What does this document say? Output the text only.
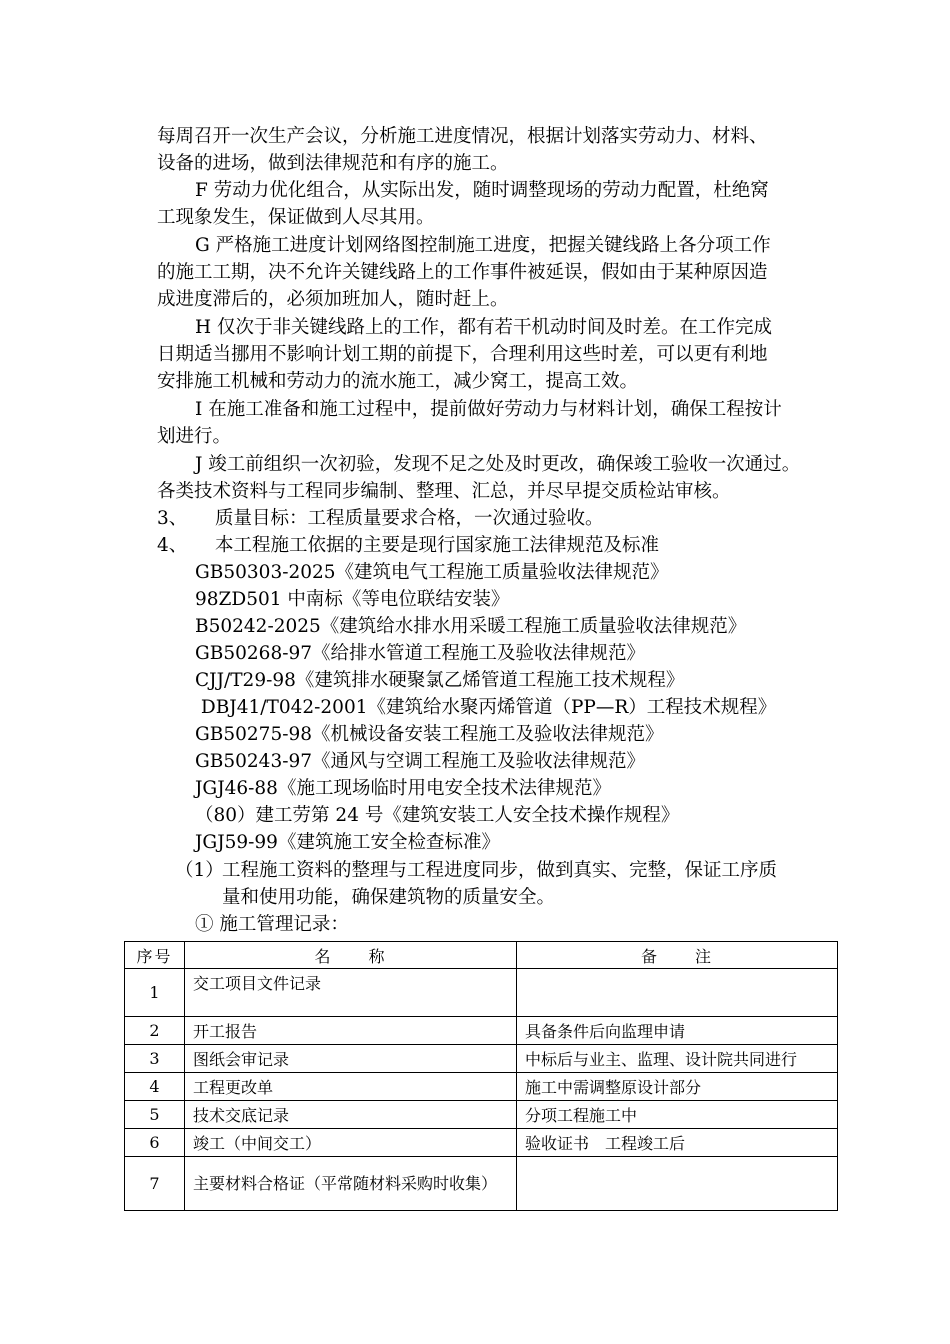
每周召开一次生产会议，分析施工进度情况，根据计划落实劳动力、材料、
设备的进场，做到法律规范和有序的施工。
F 劳动力优化组合，从实际出发，随时调整现场的劳动力配置，杜绝窝
工现象发生，保证做到人尽其用。
G 严格施工进度计划网络图控制施工进度，把握关键线路上各分项工作
的施工工期，决不允许关键线路上的工作事件被延误，假如由于某种原因造
成进度滞后的，必须加班加人，随时赶上。
H 仅次于非关键线路上的工作，都有若干机动时间及时差。在工作完成
日期适当挪用不影响计划工期的前提下，合理利用这些时差，可以更有利地
安排施工机械和劳动力的流水施工，减少窝工，提高工效。
I 在施工准备和施工过程中，提前做好劳动力与材料计划，确保工程按计
划进行。
J 竣工前组织一次初验，发现不足之处及时更改，确保竣工验收一次通过。
各类技术资料与工程同步编制、整理、汇总，并尽早提交质检站审核。
3、 质量目标：工程质量要求合格，一次通过验收。
4、 本工程施工依据的主要是现行国家施工法律规范及标准
GB50303-2025《建筑电气工程施工质量验收法律规范》
98ZD501 中南标《等电位联结安装》
B50242-2025《建筑给水排水用采暖工程施工质量验收法律规范》
GB50268-97《给排水管道工程施工及验收法律规范》
CJJ/T29-98《建筑排水硬聚氯乙烯管道工程施工技术规程》
DBJ41/T042-2001《建筑给水聚丙烯管道（PP—R）工程技术规程》
GB50275-98《机械设备安装工程施工及验收法律规范》
GB50243-97《通风与空调工程施工及验收法律规范》
JGJ46-88《施工现场临时用电安全技术法律规范》
（80）建工劳第 24 号《建筑安装工人安全技术操作规程》
JGJ59-99《建筑施工安全检查标准》
（1）
工程施工资料的整理与工程进度同步，做到真实、完整，保证工序质
量和使用功能，确保建筑物的质量安全。
① 施工管理记录：
序号	名　　称	备　　注
1	交工项目文件记录	
2	开工报告	具备条件后向监理申请
3	图纸会审记录	中标后与业主、监理、设计院共同进行
4	工程更改单	施工中需调整原设计部分
5	技术交底记录	分项工程施工中
6	竣工（中间交工）	验收证书　工程竣工后
7	主要材料合格证（平常随材料采购时收集）	
